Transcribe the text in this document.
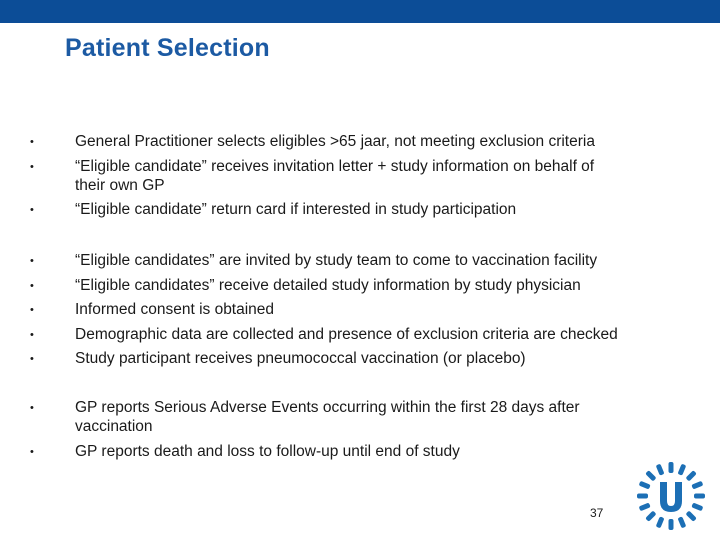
Patient Selection
•	General Practitioner selects eligibles >65 jaar, not meeting exclusion criteria
•	“Eligible candidate” receives invitation letter + study information on behalf of their own GP
•	“Eligible candidate” return card if interested in study participation
•	“Eligible candidates” are invited by study team to come to vaccination facility
•	“Eligible candidates” receive detailed study information by study physician
•	Informed consent is obtained
•	Demographic data are collected and presence of exclusion criteria are checked
•	Study participant receives pneumococcal vaccination (or placebo)
•	GP reports Serious Adverse Events occurring within the first 28 days after vaccination
•	GP reports death and loss to follow-up until end of study
37
